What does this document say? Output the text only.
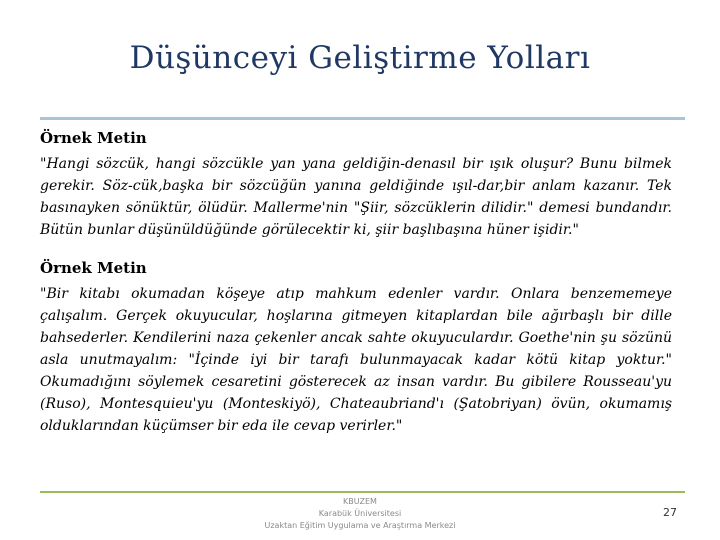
Düşünceyi Geliştirme Yolları

Örnek Metin

"Hangi sözcük, hangi sözcükle yan yana geldiğin-denasıl bir ışık oluşur? Bunu bilmek gerekir. Söz-cük,başka bir sözcüğün yanına geldiğinde ışıl-dar,bir anlam kazanır. Tek basınayken sönüktür, ölüdür. Mallerme'nin "Şiir, sözcüklerin dilidir." demesi bundandır. Bütün bunlar düşünüldüğünde görülecektir ki, şiir başlıbaşına hüner işidir."

Örnek Metin

"Bir kitabı okumadan köşeye atıp mahkum edenler vardır. Onlara benzememeye çalışalım. Gerçek okuyucular, hoşlarına gitmeyen kitaplardan bile ağırbaşlı bir dille bahsederler. Kendilerini naza çekenler ancak sahte okuyuculardır. Goethe'nin şu sözünü asla unutmayalım: "İçinde iyi bir tarafı bulunmayacak kadar kötü kitap yoktur." Okumadığını söylemek cesaretini gösterecek az insan vardır. Bu gibilere Rousseau'yu (Ruso), Montesquieu'yu (Monteskiyö), Chateaubriand'ı (Şatobriyan) övün, okumamış olduklarından küçümser bir eda ile cevap verirler."

KBUZEM
Karabük Üniversitesi
Uzaktan Eğitim Uygulama ve Araştırma Merkezi
27
